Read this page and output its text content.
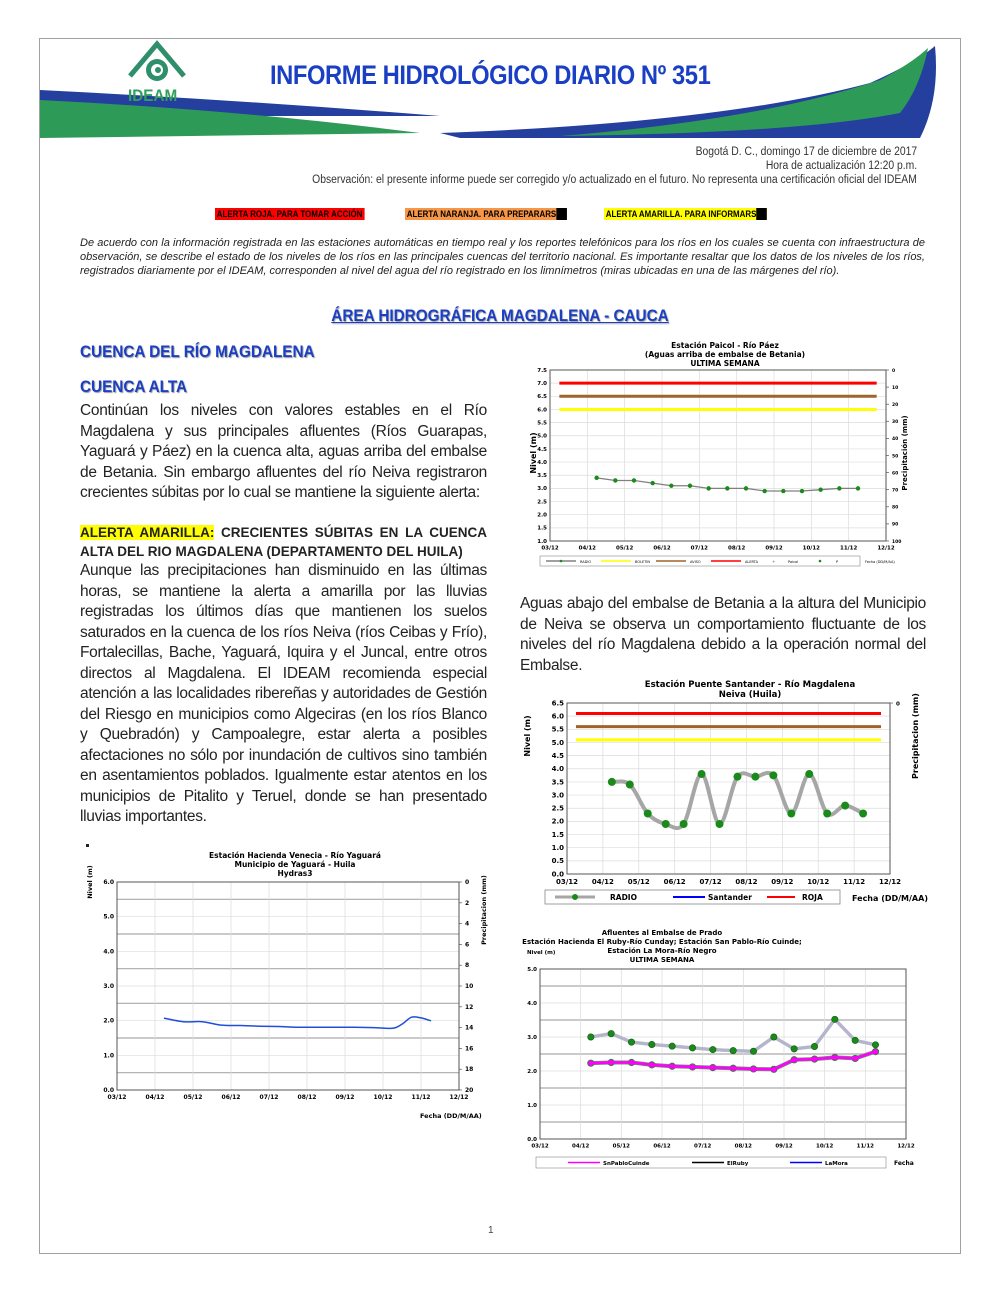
IDEAM
INFORME HIDROLÓGICO DIARIO Nº 351
Bogotá D. C., domingo 17 de diciembre de 2017
Hora de actualización 12:20 p.m.
Observación: el presente informe puede ser corregido y/o actualizado en el futuro. No representa una certificación oficial del IDEAM
ALERTA ROJA. PARA TOMAR ACCIÓN	ALERTA NARANJA. PARA PREPARARS	ALERTA AMARILLA. PARA INFORMARS
De acuerdo con la información registrada en las estaciones automáticas en tiempo real y los reportes telefónicos para los ríos en los cuales se cuenta con infraestructura de observación, se describe el estado de los niveles de los ríos en las principales cuencas del territorio nacional. Es importante resaltar que los datos de los niveles de los ríos, registrados diariamente por el IDEAM, corresponden al nivel del agua del río registrado en los limnímetros (miras ubicadas en una de las márgenes del río).
ÁREA HIDROGRÁFICA MAGDALENA - CAUCA
CUENCA DEL RÍO MAGDALENA
CUENCA ALTA
Continúan los niveles con valores estables en el Río Magdalena y sus principales afluentes (Ríos Guarapas, Yaguará y Páez) en la cuenca alta, aguas arriba del embalse de Betania. Sin embargo afluentes del río Neiva registraron crecientes súbitas por lo cual se mantiene la siguiente alerta:
ALERTA AMARILLA: CRECIENTES SÚBITAS EN LA CUENCA ALTA DEL RIO MAGDALENA (DEPARTAMENTO DEL HUILA)
Aunque las precipitaciones han disminuido en las últimas horas, se mantiene la alerta a amarilla por las lluvias registradas los últimos días que mantienen los suelos saturados en la cuenca de los ríos Neiva (ríos Ceibas y Frío), Fortalecillas, Bache, Yaguará, Iquira y el Juncal, entre otros directos al Magdalena. El IDEAM recomienda especial atención a las localidades ribereñas y autoridades de Gestión del Riesgo en municipios como Algeciras (en los ríos Blanco y Quebradón) y Campoalegre, estar alerta a posibles afectaciones no sólo por inundación de cultivos sino también en asentamientos poblados. Igualmente estar atentos en los municipios de Pitalito y Teruel, donde se han presentado lluvias importantes.
Aguas abajo del embalse de Betania a la altura del Municipio de Neiva se observa un comportamiento fluctuante de los niveles del río Magdalena debido a la operación normal del Embalse.
Estación Paicol - Río Páez
(Aguas arriba de embalse de Betania)
ULTIMA SEMANA
1.0
1.5
2.0
2.5
3.0
3.5
4.0
4.5
5.0
5.5
6.0
6.5
7.0
7.5
03/12	04/12	05/12	06/12	07/12	08/12	09/12	10/12	11/12	12/12
0
10
20
30
40
50
60
70
80
90
100
Nivel (m)	Precipitación (mm)
RADIO	BOLETIN	AVISO	ALERTA	+	Paicol	P	Fecha (DD/M/AA)
Estación Puente Santander - Río Magdalena
Neiva (Huila)
0.0
0.5
1.0
1.5
2.0
2.5
3.0
3.5
4.0
4.5
5.0
5.5
6.0
6.5
03/12 04/12 05/12 06/12 07/12 08/12 09/12 10/12 11/12 12/12
0
Nivel (m)	Precipitacion (mm)
RADIO	Santander	ROJA	Fecha (DD/M/AA)
Estación Hacienda Venecia - Río Yaguará
Municipio de Yaguará - Huila
Hydras3
0.0
1.0
2.0
3.0
4.0
5.0
6.0
03/12	04/12	05/12	06/12	07/12	08/12	09/12	10/12	11/12	12/12
0
2
4
6
8
10
12
14
16
18
20
Nivel (m)	Precipitacion (mm)
Fecha (DD/M/AA)
Afluentes al Embalse de Prado
Estación Hacienda El Ruby-Río Cunday; Estación San Pablo-Río Cuinde;
Estación La Mora-Río Negro
ULTIMA SEMANA
Nivel (m)
0.0
1.0
2.0
3.0
4.0
5.0
03/12	04/12	05/12	06/12	07/12	08/12	09/12	10/12	11/12	12/12
SnPabloCuinde	ElRuby	LaMora	Fecha
1
